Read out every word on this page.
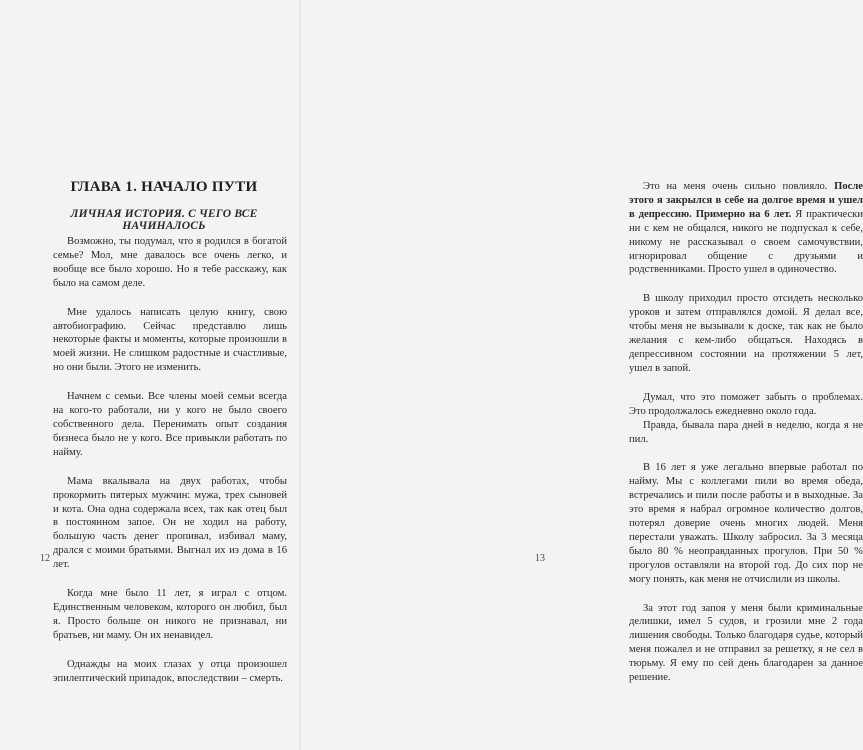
ГЛАВА 1. НАЧАЛО ПУТИ
ЛИЧНАЯ ИСТОРИЯ. С ЧЕГО ВСЕ НАЧИНАЛОСЬ

Возможно, ты подумал, что я родился в богатой семье? Мол, мне давалось все очень легко, и вообще все было хорошо. Но я тебе расскажу, как было на самом деле.

Мне удалось написать целую книгу, свою автобиографию. Сейчас представлю лишь некоторые факты и моменты, которые произошли в моей жизни. Не слишком радостные и счастливые, но они были. Этого не изменить.

Начнем с семьи. Все члены моей семьи всегда на кого-то работали, ни у кого не было своего собственного дела. Перенимать опыт создания бизнеса было не у кого. Все привыкли работать по найму.

Мама вкалывала на двух работах, чтобы прокормить пятерых мужчин: мужа, трех сыновей и кота. Она одна содержала всех, так как отец был в постоянном запое. Он не ходил на работу, большую часть денег пропивал, избивал маму, дрался с моими братьями. Выгнал их из дома в 16 лет.

Когда мне было 11 лет, я играл с отцом. Единственным человеком, которого он любил, был я. Просто больше он никого не признавал, ни братьев, ни маму. Он их ненавидел.

Однажды на моих глазах у отца произошел эпилептический припадок, впоследствии – смерть.

12

Это на меня очень сильно повлияло. После этого я закрылся в себе на долгое время и ушел в депрессию. Примерно на 6 лет. Я практически ни с кем не общался, никого не подпускал к себе, никому не рассказывал о своем самочувствии, игнорировал общение с друзьями и родственниками. Просто ушел в одиночество.

В школу приходил просто отсидеть несколько уроков и затем отправлялся домой. Я делал все, чтобы меня не вызывали к доске, так как не было желания с кем-либо общаться. Находясь в депрессивном состоянии на протяжении 5 лет, ушел в запой.

Думал, что это поможет забыть о проблемах. Это продолжалось ежедневно около года.

Правда, бывала пара дней в неделю, когда я не пил.

В 16 лет я уже легально впервые работал по найму. Мы с коллегами пили во время обеда, встречались и пили после работы и в выходные. За это время я набрал огромное количество долгов, потерял доверие очень многих людей. Меня перестали уважать. Школу забросил. За 3 месяца было 80 % неоправданных прогулов. При 50 % прогулов оставляли на второй год. До сих пор не могу понять, как меня не отчислили из школы.

За этот год запоя у меня были криминальные делишки, имел 5 судов, и грозили мне 2 года лишения свободы. Только благодаря судье, который меня пожалел и не отправил за решетку, я не сел в тюрьму. Я ему по сей день благодарен за данное решение.

13
